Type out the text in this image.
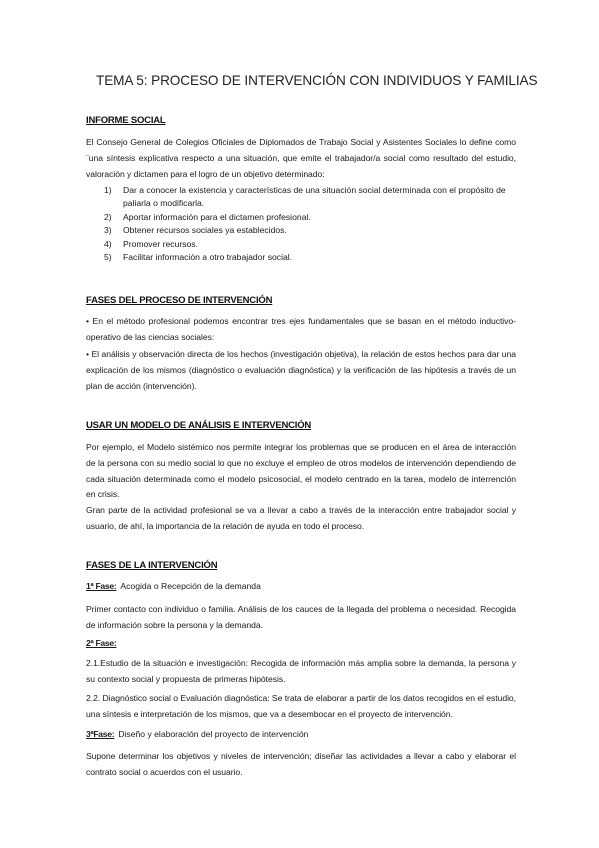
TEMA 5: PROCESO DE INTERVENCIÓN CON INDIVIDUOS Y FAMILIAS
INFORME SOCIAL
El Consejo General de Colegios Oficiales de Diplomados de Trabajo Social y Asistentes Sociales lo define como ¨una síntesis explicativa respecto a una situación, que emite el trabajador/a social como resultado del estudio, valoración y dictamen para el logro de un objetivo determinado:
1) Dar a conocer la existencia y características de una situación social determinada con el propósito de paliarla o modificarla.
2) Aportar información para el dictamen profesional.
3) Obtener recursos sociales ya establecidos.
4) Promover recursos.
5) Facilitar información a otro trabajador social.
FASES DEL PROCESO DE INTERVENCIÓN
• En el método profesional podemos encontrar tres ejes fundamentales que se basan en el método inductivooperativo de las ciencias sociales:
• El análisis y observación directa de los hechos (investigación objetiva), la relación de estos hechos para dar una explicación de los mismos (diagnóstico o evaluación diagnóstica) y la verificación de las hipótesis a través de un plan de acción (intervención).
USAR UN MODELO DE ANÁLISIS E INTERVENCIÓN
Por ejemplo, el Modelo sistémico nos permite integrar los problemas que se producen en el área de interacción de la persona con su medio social lo que no excluye el empleo de otros modelos de intervención dependiendo de cada situación determinada como el modelo psicosocial, el modelo centrado en la tarea, modelo de interrención en crisis.
Gran parte de la actividad profesional se va a llevar a cabo a través de la interacción entre trabajador social y usuario, de ahí, la importancia de la relación de ayuda en todo el proceso.
FASES DE LA INTERVENCIÓN
1ª Fase: Acogida o Recepción de la demanda
Primer contacto con individuo o familia. Análisis de los cauces de la llegada del problema o necesidad. Recogida de información sobre la persona y la demanda.
2ª Fase:
2.1.Estudio de la situación e investigación: Recogida de información más amplia sobre la demanda, la persona y su contexto social y propuesta de primeras hipótesis.
2.2. Diagnóstico social o Evaluación diagnóstica: Se trata de elaborar a partir de los datos recogidos en el estudio, una síntesis e interpretación de los mismos, que va a desembocar en el proyecto de intervención.
3ªFase: Diseño y elaboración del proyecto de intervención
Supone determinar los objetivos y niveles de intervención; diseñar las actividades a llevar a cabo y elaborar el contrato social o acuerdos con el usuario.
